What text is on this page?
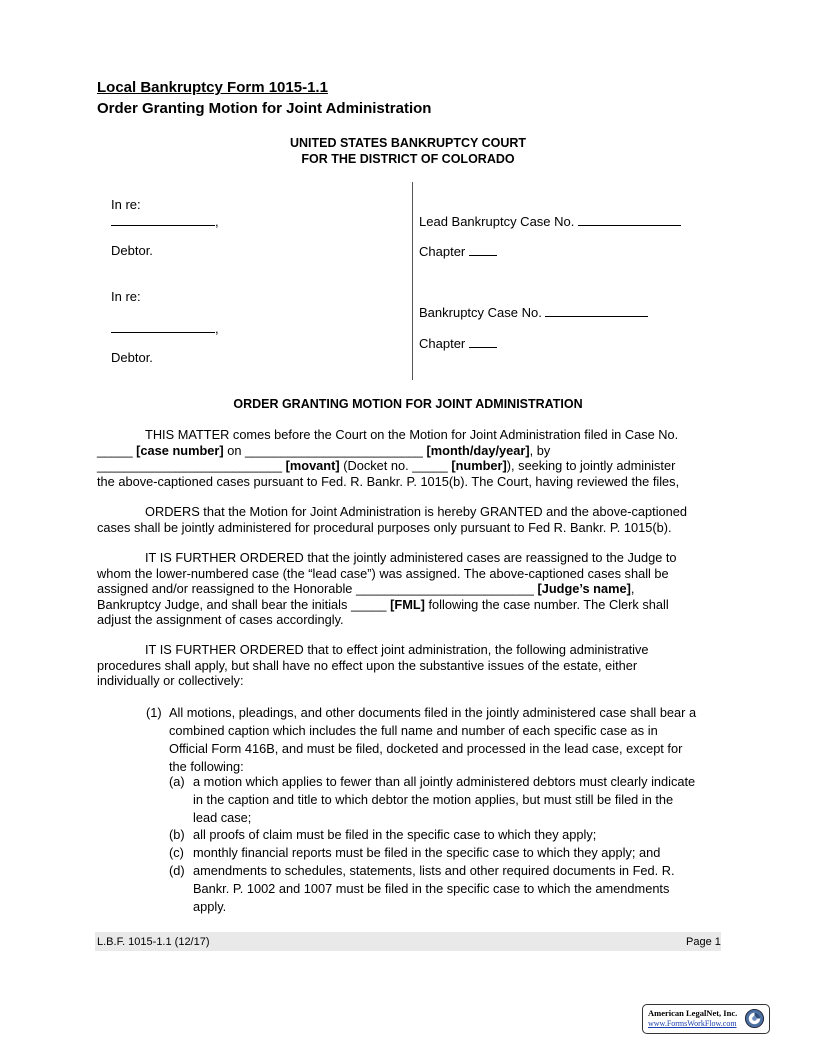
Local Bankruptcy Form 1015-1.1
Order Granting Motion for Joint Administration
UNITED STATES BANKRUPTCY COURT
FOR THE DISTRICT OF COLORADO
In re:
,
Debtor.
Lead Bankruptcy Case No.
Chapter
In re:
,
Debtor.
Bankruptcy Case No.
Chapter
ORDER GRANTING MOTION FOR JOINT ADMINISTRATION
THIS MATTER comes before the Court on the Motion for Joint Administration filed in Case No.
_____ [case number] on _________________________ [month/day/year], by
__________________________ [movant] (Docket no. _____ [number]), seeking to jointly administer
the above-captioned cases pursuant to Fed. R. Bankr. P. 1015(b). The Court, having reviewed the files,
ORDERS that the Motion for Joint Administration is hereby GRANTED and the above-captioned
cases shall be jointly administered for procedural purposes only pursuant to Fed R. Bankr. P. 1015(b).
IT IS FURTHER ORDERED that the jointly administered cases are reassigned to the Judge to
whom the lower-numbered case (the “lead case”) was assigned. The above-captioned cases shall be
assigned and/or reassigned to the Honorable _________________________ [Judge’s name],
Bankruptcy Judge, and shall bear the initials _____ [FML] following the case number. The Clerk shall
adjust the assignment of cases accordingly.
IT IS FURTHER ORDERED that to effect joint administration, the following administrative
procedures shall apply, but shall have no effect upon the substantive issues of the estate, either
individually or collectively:
(1) All motions, pleadings, and other documents filed in the jointly administered case shall bear a
combined caption which includes the full name and number of each specific case as in
Official Form 416B, and must be filed, docketed and processed in the lead case, except for
the following:
(a) a motion which applies to fewer than all jointly administered debtors must clearly indicate
in the caption and title to which debtor the motion applies, but must still be filed in the
lead case;
(b) all proofs of claim must be filed in the specific case to which they apply;
(c) monthly financial reports must be filed in the specific case to which they apply; and
(d) amendments to schedules, statements, lists and other required documents in Fed. R.
Bankr. P. 1002 and 1007 must be filed in the specific case to which the amendments
apply.
L.B.F. 1015-1.1 (12/17)	Page 1
American LegalNet, Inc.
www.FormsWorkFlow.com
